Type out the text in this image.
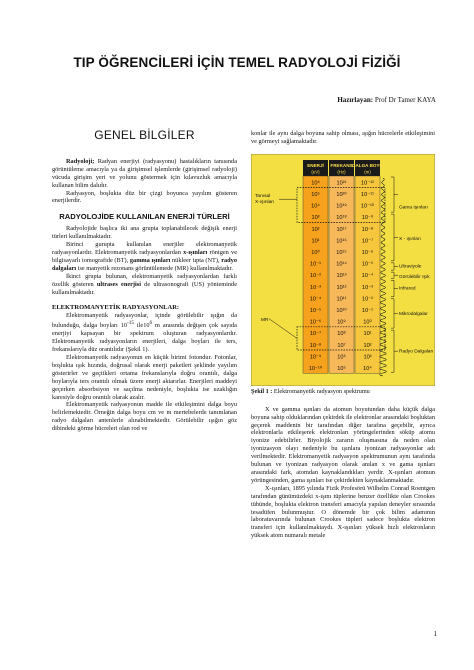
TIP ÖĞRENCİLERİ İÇİN TEMEL RADYOLOJİ FİZİĞİ
Hazırlayan: Prof Dr Tamer KAYA
GENEL BİLGİLER

Radyoloji; Radyan enerjiyi (radyasyonu) hastalıkların tanısında görüntüleme amacıyla ya da girişimsel işlemlerde (girişimsel radyoloji) vücuda girişim yeri ve yolunu göstermek için kılavuzluk amacıyla kullanan bilim dalıdır.

Radyasyon, boşlukta düz bir çizgi boyunca yayılım gösteren enerjilerdir.

RADYOLOJİDE KULLANILAN ENERJİ TÜRLERİ

Radyolojide başlıca iki ana grupta toplanabilecek değişik enerji türleri kullanılmaktadır.

Birinci gurupta kullanılan enerjiler elektromanyetik radyasyonlardır. Elektromanyetik radyasyonlardan x-ışınları röntgen ve bilgisayarlı tomografide (BT), gamma ışınları nükleer tıpta (NT), radyo dalgaları ise manyetik rezonans görüntülemede (MR) kullanılmaktadır.

İkinci grupta bulunan, elektromanyetik radyasyonlardan farklı özellik gösteren ultrases enerjisi de ultrasonografi (US) yönteminde kullanılmaktadır.

ELEKTROMANYETİK RADYASYONLAR:

Elektromanyetik radyasyonlar, içinde görülebilir ışığın da bulunduğu, dalga boyları $10^{-15}$ $ile10^6$ m arasında değişen çok sayıda enerjiyi kapsayan bir spektrum oluşturan radyasyonlardır. Elektromanyetik radyasyonların enerjileri, dalga boyları ile ters, frekanslarıyla düz orantılıdır (Şekil 1).

Elektromanyetik radyasyonun en küçük birimi fotondur. Fotonlar, boşlukta ışık hızında, doğrusal olarak enerji paketleri şeklinde yayılım gösterirler ve geçtikleri ortama frekanslarıyla doğru orantılı, dalga boylarıyla ters orantılı olmak üzere enerji aktarırlar. Enerjileri maddeyi geçerken absorbsiyon ve saçılma nedeniyle, boşlukta ise uzaklığın karesiyle doğru orantılı olarak azalır.

Elektromanyetik radyasyonun madde ile etkileşimini dalga boyu belirlemektedir. Örneğin dalga boyu cm ve m mertebelerde tanımlanan radyo dalgaları antenlerle alınabilmektedir. Görülebilir ışığın göz dibindeki görme hücreleri olan rod ve

konlar ile aynı dalga boyuna sahip olması, ışığın hücrelerle etkileşimini ve görmeyi sağlamaktadır.

ENERJİ
(eV)
FREKANS
(Hz)
DALGA BOYU
(m)
10⁶	10²¹	10⁻¹²
10⁵	10²⁰	10⁻¹¹
10⁴	10¹⁹	10⁻¹⁰
10³	10¹⁸	10⁻⁹
10²	10¹⁷	10⁻⁸
10¹	10¹⁶	10⁻⁷
10⁰	10¹⁵	10⁻⁶
10⁻¹	10¹⁴	10⁻⁵
10⁻²	10¹³	10⁻⁴
10⁻³	10¹²	10⁻³
10⁻⁴	10¹¹	10⁻²
10⁻⁵	10¹⁰	10⁻¹
10⁻⁶	10⁹	10⁰
10⁻⁷	10⁸	10¹
10⁻⁸	10⁷	10²
10⁻⁹	10⁶	10³
10⁻¹⁰	10⁵	10⁴
Tanısal
X-ışınları
MR
Gama Işınları
X - ışınları
Ultraviyole
Görülebilir Işık
Infrared
Mikrodalgalar
Radyo Dalgaları
Şekil 1 : Elektromanyetik radyasyon spektrumu

X ve gamma ışınları da atomun boyutundan daha küçük dalga boyuna sahip olduklarından çekirdek ile elektronlar arasındaki boşluktan geçerek maddenin bir tarafından diğer tarafına geçebilir, ayrıca elektronlarla etkileşerek elektronları yörüngelerinden söküp atomu iyonize edebilirler. Biyolojik zararın oluşmasına da neden olan iyonizasyon olayı nedeniyle bu ışınlara iyonizan radyasyonlar adı verilmektedir. Elektromanyetik radyasyon spektrumunun aynı tarafında bulunan ve iyonizan radyasyon olarak anılan x ve gama ışınları arasındaki fark, atomdan kaynaklandıkları yerdir. X-ışınları atomun yörüngesinden, gama ışınları ise çekirdekten kaynaklanmaktadır.

X-ışınları, 1895 yılında Fizik Profesörü Wilhelm Conrad Roentgen tarafından günümüzdeki x-ışını tüplerine benzer özellikte olan Crookes tübünde, boşlukta elektron transferi amacıyla yapılan deneyler sırasında tesadüfen bulunmuştur. O dönemde bir çok bilim adamının laboratuvarında bulunan Crookes tüpleri sadece boşlukta elektron transferi için kullanılmaktaydı. X-ışınları yüksek hızlı elektronların yüksek atom numaralı metale

1
